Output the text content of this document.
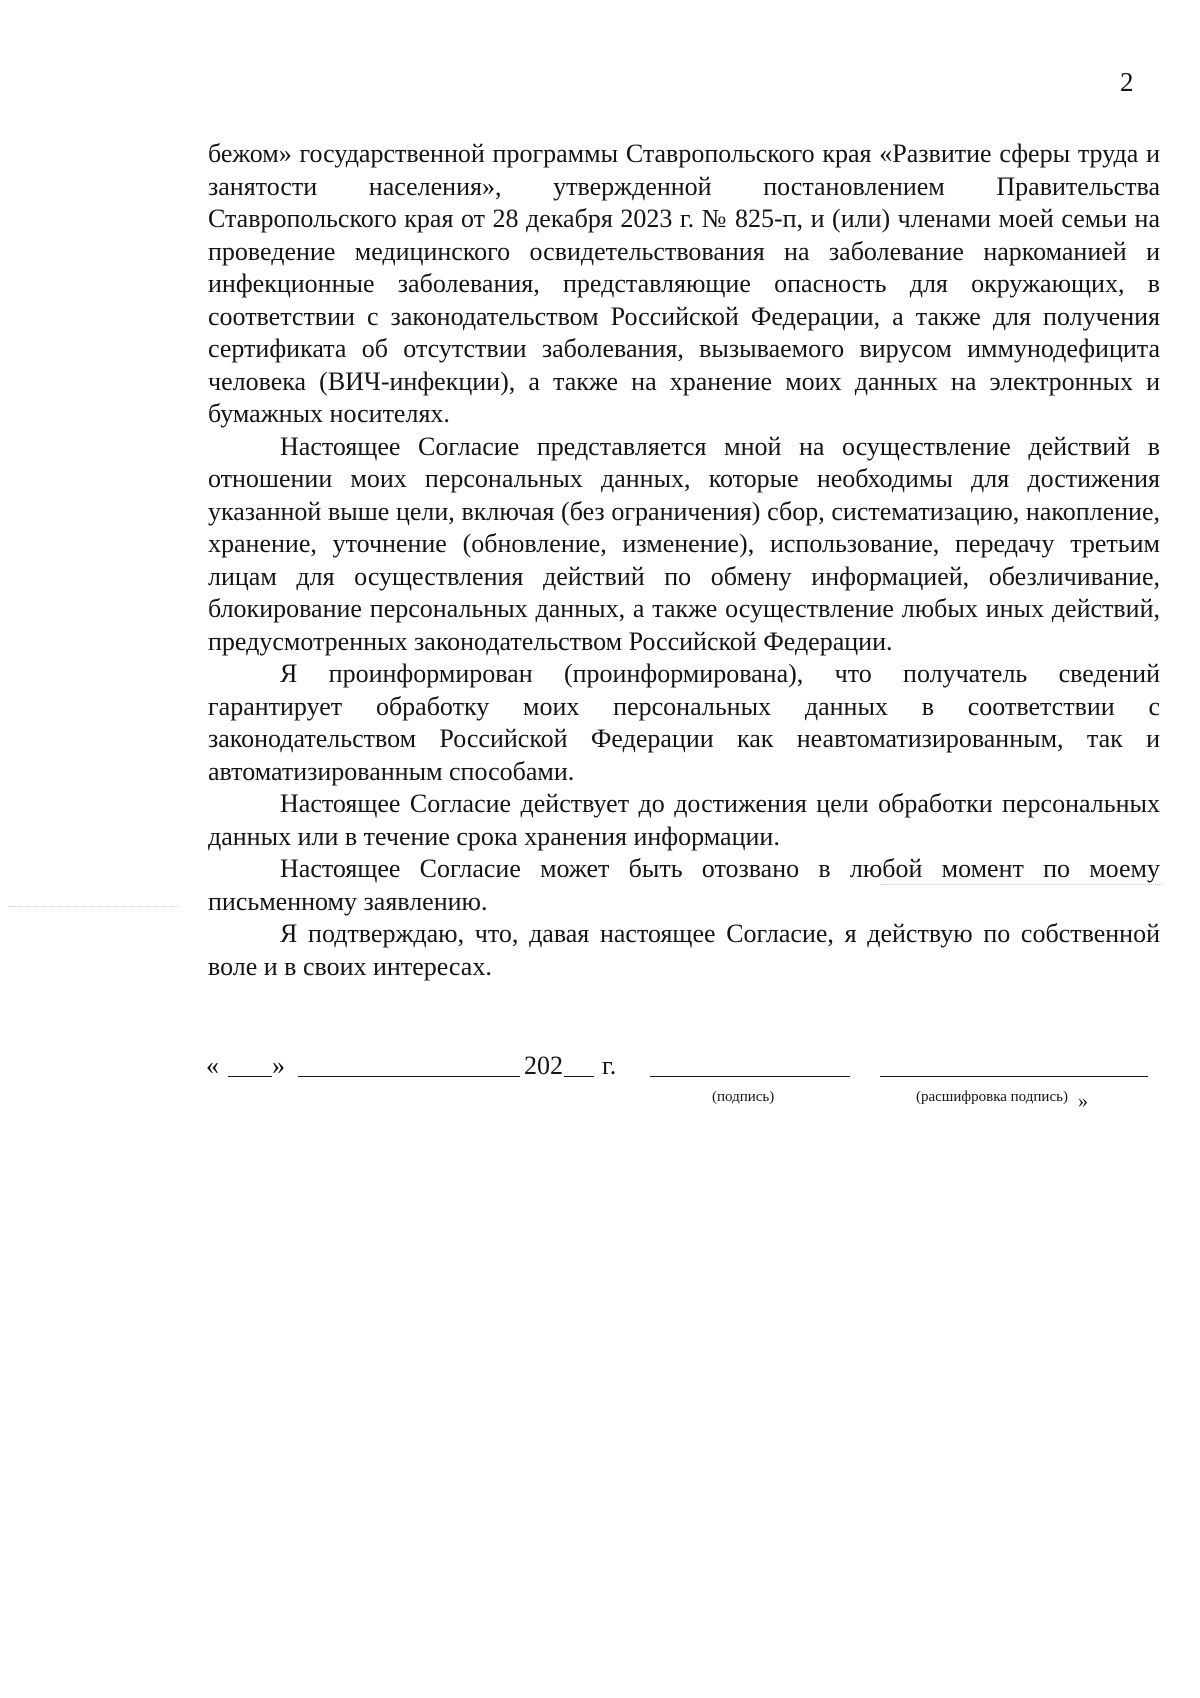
2

бежом» государственной программы Ставропольского края «Развитие сферы труда и занятости населения», утвержденной постановлением Правительства Ставропольского края от 28 декабря 2023 г. № 825-п, и (или) членами моей семьи на проведение медицинского освидетельствования на заболевание наркоманией и инфекционные заболевания, представляющие опасность для окружающих, в соответствии с законодательством Российской Федерации, а также для получения сертификата об отсутствии заболевания, вызываемого вирусом иммунодефицита человека (ВИЧ-инфекции), а также на хранение моих данных на электронных и бумажных носителях.

Настоящее Согласие представляется мной на осуществление действий в отношении моих персональных данных, которые необходимы для достижения указанной выше цели, включая (без ограничения) сбор, систематизацию, накопление, хранение, уточнение (обновление, изменение), использование, передачу третьим лицам для осуществления действий по обмену информацией, обезличивание, блокирование персональных данных, а также осуществление любых иных действий, предусмотренных законодательством Российской Федерации.

Я проинформирован (проинформирована), что получатель сведений гарантирует обработку моих персональных данных в соответствии с законодательством Российской Федерации как неавтоматизированным, так и автоматизированным способами.

Настоящее Согласие действует до достижения цели обработки персональных данных или в течение срока хранения информации.

Настоящее Согласие может быть отозвано в любой момент по моему письменному заявлению.

Я подтверждаю, что, давая настоящее Согласие, я действую по собственной воле и в своих интересах.

« »	202 г.
(подпись)	(расшифровка подпись) »
